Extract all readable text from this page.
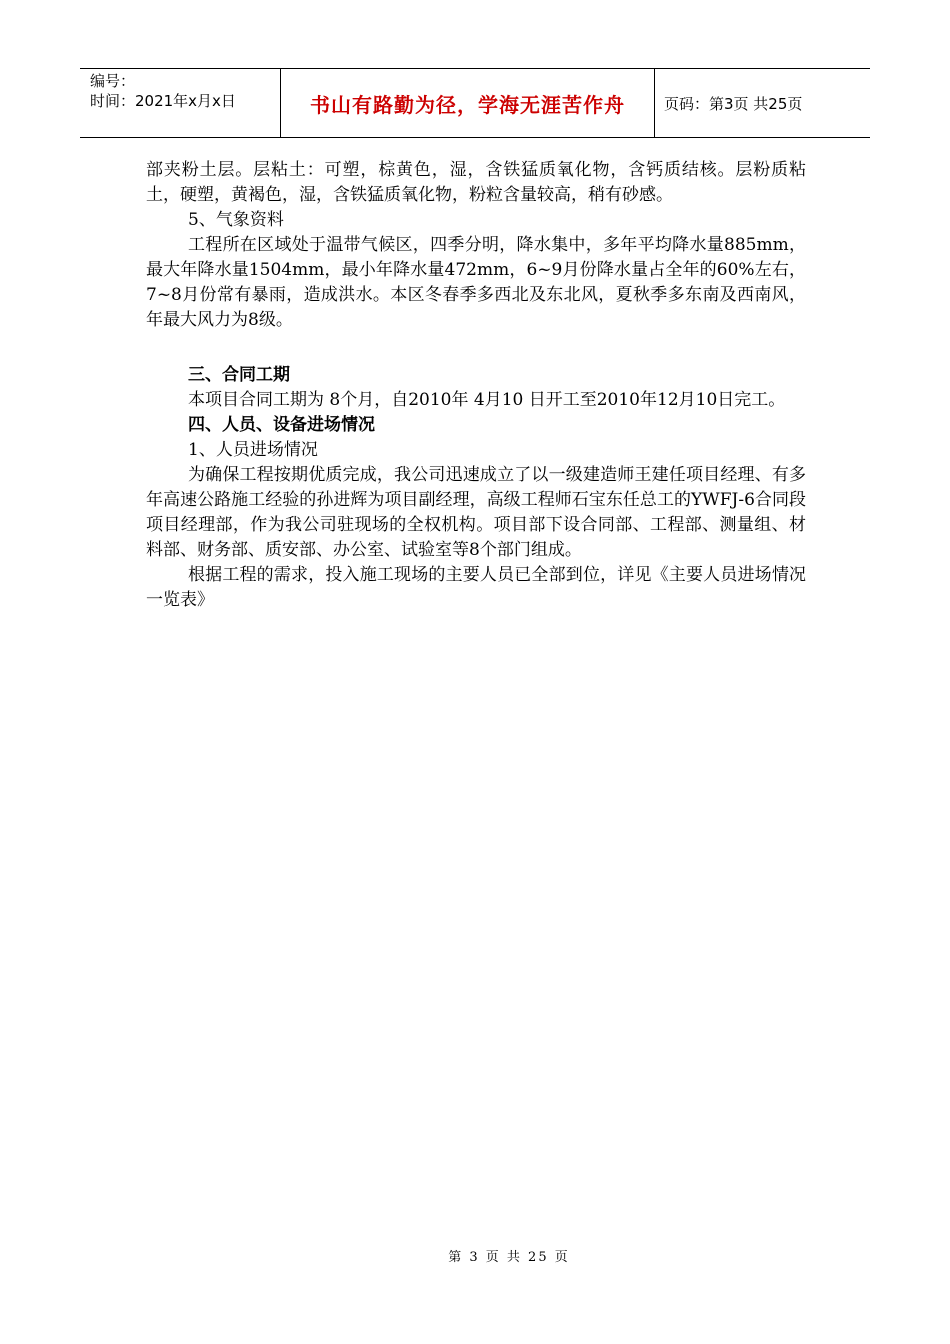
编号：
时间：2021年x月x日	书山有路勤为径，学海无涯苦作舟	页码：第3页 共25页

部夹粉土层。层粘土：可塑，棕黄色，湿，含铁猛质氧化物，含钙质结核。层粉质粘土，硬塑，黄褐色，湿，含铁猛质氧化物，粉粒含量较高，稍有砂感。

5、气象资料

工程所在区域处于温带气候区，四季分明，降水集中，多年平均降水量885mm，最大年降水量1504mm，最小年降水量472mm，6~9月份降水量占全年的60%左右，7~8月份常有暴雨，造成洪水。本区冬春季多西北及东北风，夏秋季多东南及西南风，年最大风力为8级。

三、合同工期

本项目合同工期为 8个月，自2010年 4月10 日开工至2010年12月10日完工。

四、人员、设备进场情况

1、人员进场情况

为确保工程按期优质完成，我公司迅速成立了以一级建造师王建任项目经理、有多年高速公路施工经验的孙进辉为项目副经理，高级工程师石宝东任总工的YWFJ-6合同段项目经理部，作为我公司驻现场的全权机构。项目部下设合同部、工程部、测量组、材料部、财务部、质安部、办公室、试验室等8个部门组成。

根据工程的需求，投入施工现场的主要人员已全部到位，详见《主要人员进场情况一览表》

第 3 页 共 25 页
